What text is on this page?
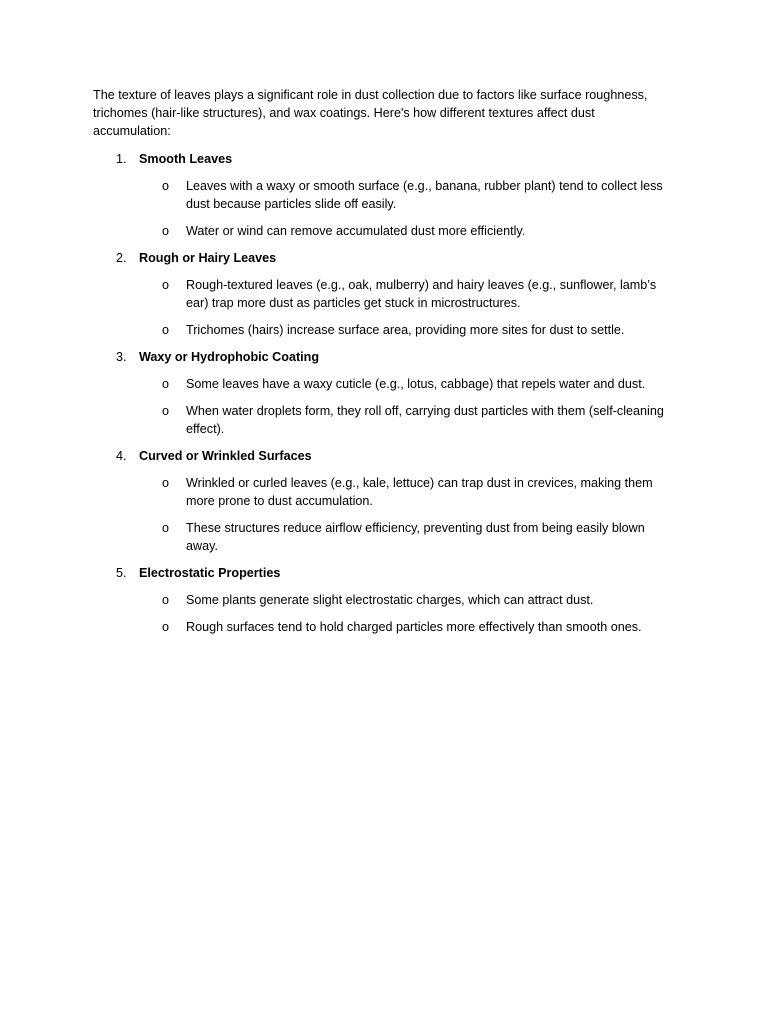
The texture of leaves plays a significant role in dust collection due to factors like surface roughness, trichomes (hair-like structures), and wax coatings. Here's how different textures affect dust accumulation:

1. Smooth Leaves
o Leaves with a waxy or smooth surface (e.g., banana, rubber plant) tend to collect less dust because particles slide off easily.
o Water or wind can remove accumulated dust more efficiently.
2. Rough or Hairy Leaves
o Rough-textured leaves (e.g., oak, mulberry) and hairy leaves (e.g., sunflower, lamb’s ear) trap more dust as particles get stuck in microstructures.
o Trichomes (hairs) increase surface area, providing more sites for dust to settle.
3. Waxy or Hydrophobic Coating
o Some leaves have a waxy cuticle (e.g., lotus, cabbage) that repels water and dust.
o When water droplets form, they roll off, carrying dust particles with them (self-cleaning effect).
4. Curved or Wrinkled Surfaces
o Wrinkled or curled leaves (e.g., kale, lettuce) can trap dust in crevices, making them more prone to dust accumulation.
o These structures reduce airflow efficiency, preventing dust from being easily blown away.
5. Electrostatic Properties
o Some plants generate slight electrostatic charges, which can attract dust.
o Rough surfaces tend to hold charged particles more effectively than smooth ones.
